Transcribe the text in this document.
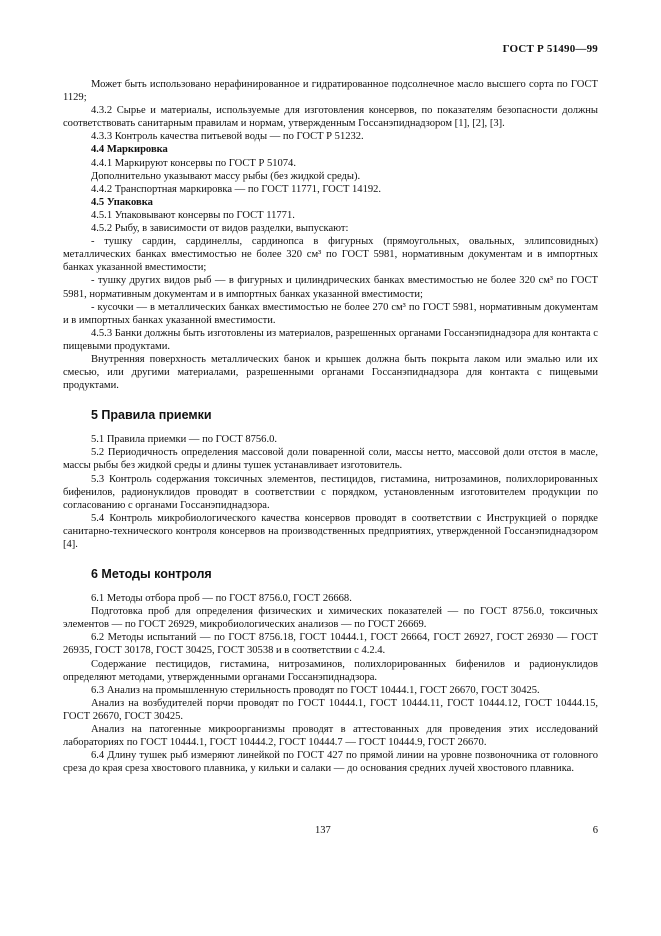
ГОСТ Р 51490—99

Может быть использовано нерафинированное и гидратированное подсолнечное масло высшего сорта по ГОСТ 1129;

4.3.2 Сырье и материалы, используемые для изготовления консервов, по показателям безопасности должны соответствовать санитарным правилам и нормам, утвержденным Госсанэпиднадзором [1], [2], [3].

4.3.3 Контроль качества питьевой воды — по ГОСТ Р 51232.

4.4 Маркировка

4.4.1 Маркируют консервы по ГОСТ Р 51074.

Дополнительно указывают массу рыбы (без жидкой среды).

4.4.2 Транспортная маркировка — по ГОСТ 11771, ГОСТ 14192.

4.5 Упаковка

4.5.1 Упаковывают консервы по ГОСТ 11771.

4.5.2 Рыбу, в зависимости от видов разделки, выпускают:

- тушку сардин, сардинеллы, сардинопса в фигурных (прямоугольных, овальных, эллипсовидных) металлических банках вместимостью не более 320 см³ по ГОСТ 5981, нормативным документам и в импортных банках указанной вместимости;

- тушку других видов рыб — в фигурных и цилиндрических банках вместимостью не более 320 см³ по ГОСТ 5981, нормативным документам и в импортных банках указанной вместимости;

- кусочки — в металлических банках вместимостью не более 270 см³ по ГОСТ 5981, нормативным документам и в импортных банках указанной вместимости.

4.5.3 Банки должны быть изготовлены из материалов, разрешенных органами Госсанэпиднадзора для контакта с пищевыми продуктами.

Внутренняя поверхность металлических банок и крышек должна быть покрыта лаком или эмалью или их смесью, или другими материалами, разрешенными органами Госсанэпиднадзора для контакта с пищевыми продуктами.

5 Правила приемки

5.1 Правила приемки — по ГОСТ 8756.0.

5.2 Периодичность определения массовой доли поваренной соли, массы нетто, массовой доли отстоя в масле, массы рыбы без жидкой среды и длины тушек устанавливает изготовитель.

5.3 Контроль содержания токсичных элементов, пестицидов, гистамина, нитрозаминов, полихлорированных бифенилов, радионуклидов проводят в соответствии с порядком, установленным изготовителем продукции по согласованию с органами Госсанэпиднадзора.

5.4 Контроль микробиологического качества консервов проводят в соответствии с Инструкцией о порядке санитарно-технического контроля консервов на производственных предприятиях, утвержденной Госсанэпиднадзором [4].

6 Методы контроля

6.1 Методы отбора проб — по ГОСТ 8756.0, ГОСТ 26668.

Подготовка проб для определения физических и химических показателей — по ГОСТ 8756.0, токсичных элементов — по ГОСТ 26929, микробиологических анализов — по ГОСТ 26669.

6.2 Методы испытаний — по ГОСТ 8756.18, ГОСТ 10444.1, ГОСТ 26664, ГОСТ 26927, ГОСТ 26930 — ГОСТ 26935, ГОСТ 30178, ГОСТ 30425, ГОСТ 30538 и в соответствии с 4.2.4.

Содержание пестицидов, гистамина, нитрозаминов, полихлорированных бифенилов и радионуклидов определяют методами, утвержденными органами Госсанэпиднадзора.

6.3 Анализ на промышленную стерильность проводят по ГОСТ 10444.1, ГОСТ 26670, ГОСТ 30425.

Анализ на возбудителей порчи проводят по ГОСТ 10444.1, ГОСТ 10444.11, ГОСТ 10444.12, ГОСТ 10444.15, ГОСТ 26670, ГОСТ 30425.

Анализ на патогенные микроорганизмы проводят в аттестованных для проведения этих исследований лабораториях по ГОСТ 10444.1, ГОСТ 10444.2, ГОСТ 10444.7 — ГОСТ 10444.9, ГОСТ 26670.

6.4 Длину тушек рыб измеряют линейкой по ГОСТ 427 по прямой линии на уровне позвоночника от головного среза до края среза хвостового плавника, у кильки и салаки — до основания средних лучей хвостового плавника.

137	6
